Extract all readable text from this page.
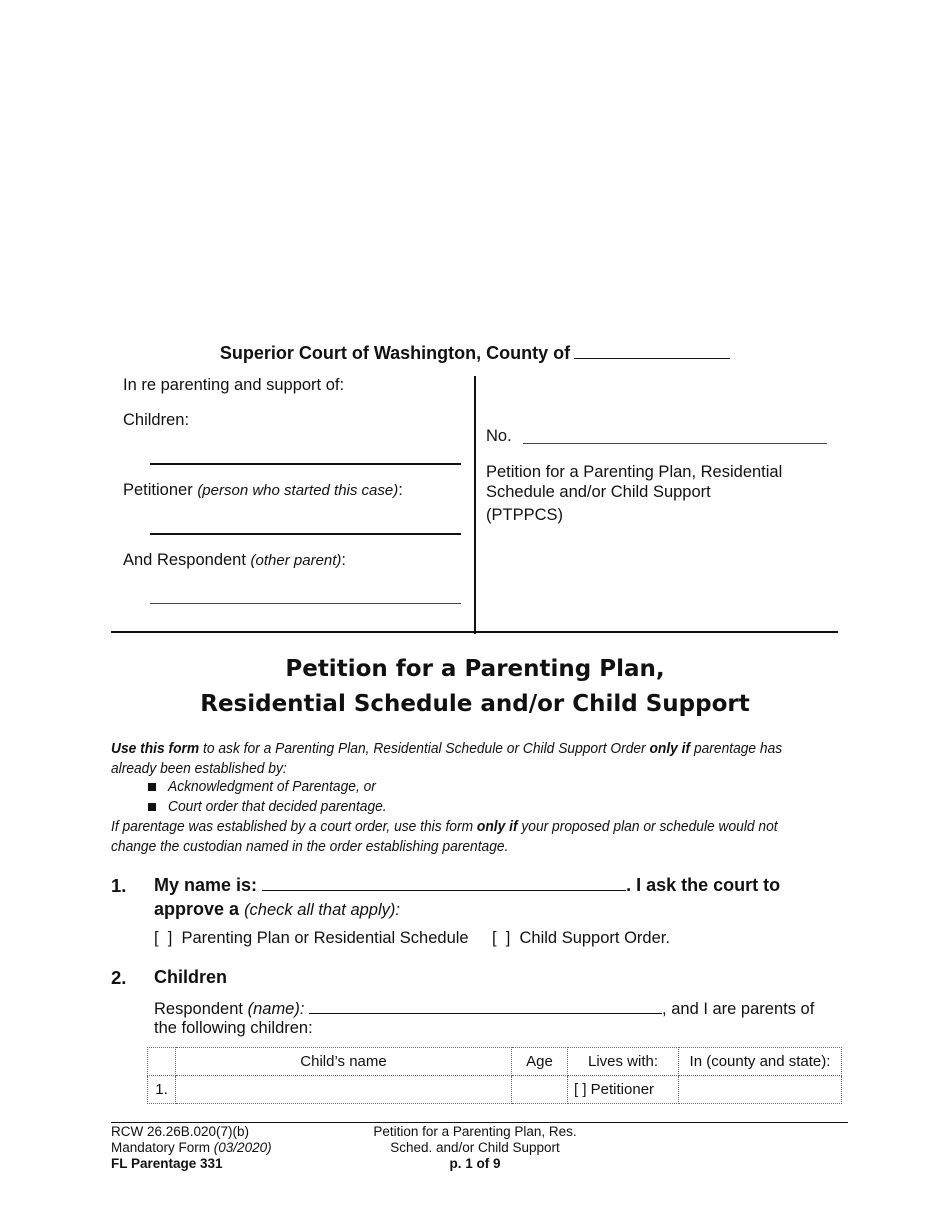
Superior Court of Washington, County of
In re parenting and support of:
Children:
Petitioner (person who started this case):
And Respondent (other parent):
No.
Petition for a Parenting Plan, Residential
Schedule and/or Child Support
(PTPPCS)
Petition for a Parenting Plan,
Residential Schedule and/or Child Support
Use this form to ask for a Parenting Plan, Residential Schedule or Child Support Order only if parentage has already been established by:
Acknowledgment of Parentage, or
Court order that decided parentage.
If parentage was established by a court order, use this form only if your proposed plan or schedule would not change the custodian named in the order establishing parentage.
1. My name is:	. I ask the court to
approve a (check all that apply):
[  ]  Parenting Plan or Residential Schedule [  ]  Child Support Order.
2. Children
Respondent (name):	, and I are parents of
the following children:
	Child’s name	Age	Lives with:	In (county and state):
1.			[ ] Petitioner	
RCW 26.26B.020(7)(b)
Mandatory Form (03/2020)
FL Parentage 331
Petition for a Parenting Plan, Res.
Sched. and/or Child Support
p. 1 of 9
